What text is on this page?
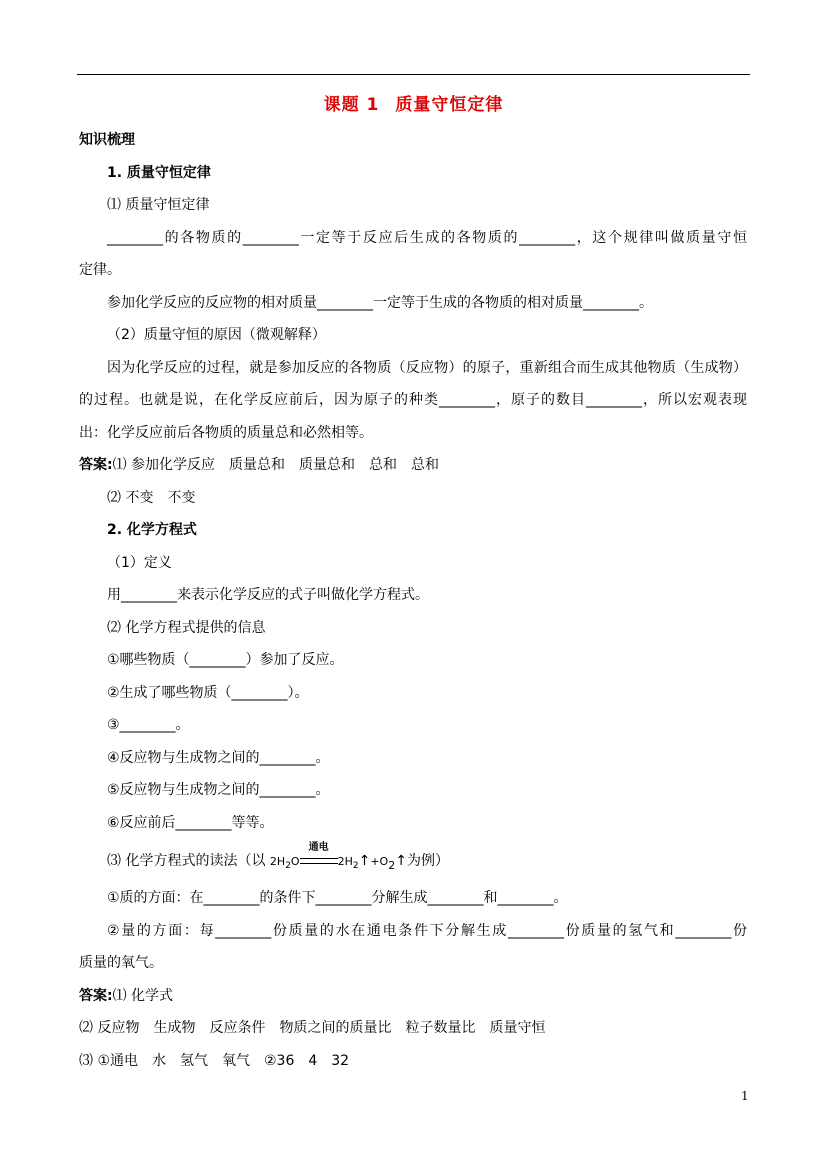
课题 1 质量守恒定律
知识梳理
1. 质量守恒定律
⑴ 质量守恒定律
________的各物质的________一定等于反应后生成的各物质的________，这个规律叫做质量守恒
定律。
参加化学反应的反应物的相对质量________一定等于生成的各物质的相对质量________。
（2）质量守恒的原因（微观解释）
因为化学反应的过程，就是参加反应的各物质（反应物）的原子，重新组合而生成其他物质（生成物）
的过程。也就是说，在化学反应前后，因为原子的种类________，原子的数目________，所以宏观表现
出：化学反应前后各物质的质量总和必然相等。
答案:⑴ 参加化学反应　质量总和　质量总和　总和　总和
⑵ 不变　不变
2. 化学方程式
（1）定义
用________来表示化学反应的式子叫做化学方程式。
⑵ 化学方程式提供的信息
①哪些物质（________）参加了反应。
②生成了哪些物质（________）。
③________。
④反应物与生成物之间的________。
⑤反应物与生成物之间的________。
⑥反应前后________等等。
⑶ 化学方程式的读法（以 $2H_2O$
通电
$2H_2↑+O_2↑$为例）
①质的方面：在________的条件下________分解生成________和________。
②量的方面：每________份质量的水在通电条件下分解生成________份质量的氢气和________份
质量的氧气。
答案:⑴ 化学式
⑵ 反应物　生成物　反应条件　物质之间的质量比　粒子数量比　质量守恒
⑶ ①通电　水　氢气　氧气　②36　4　32
1
